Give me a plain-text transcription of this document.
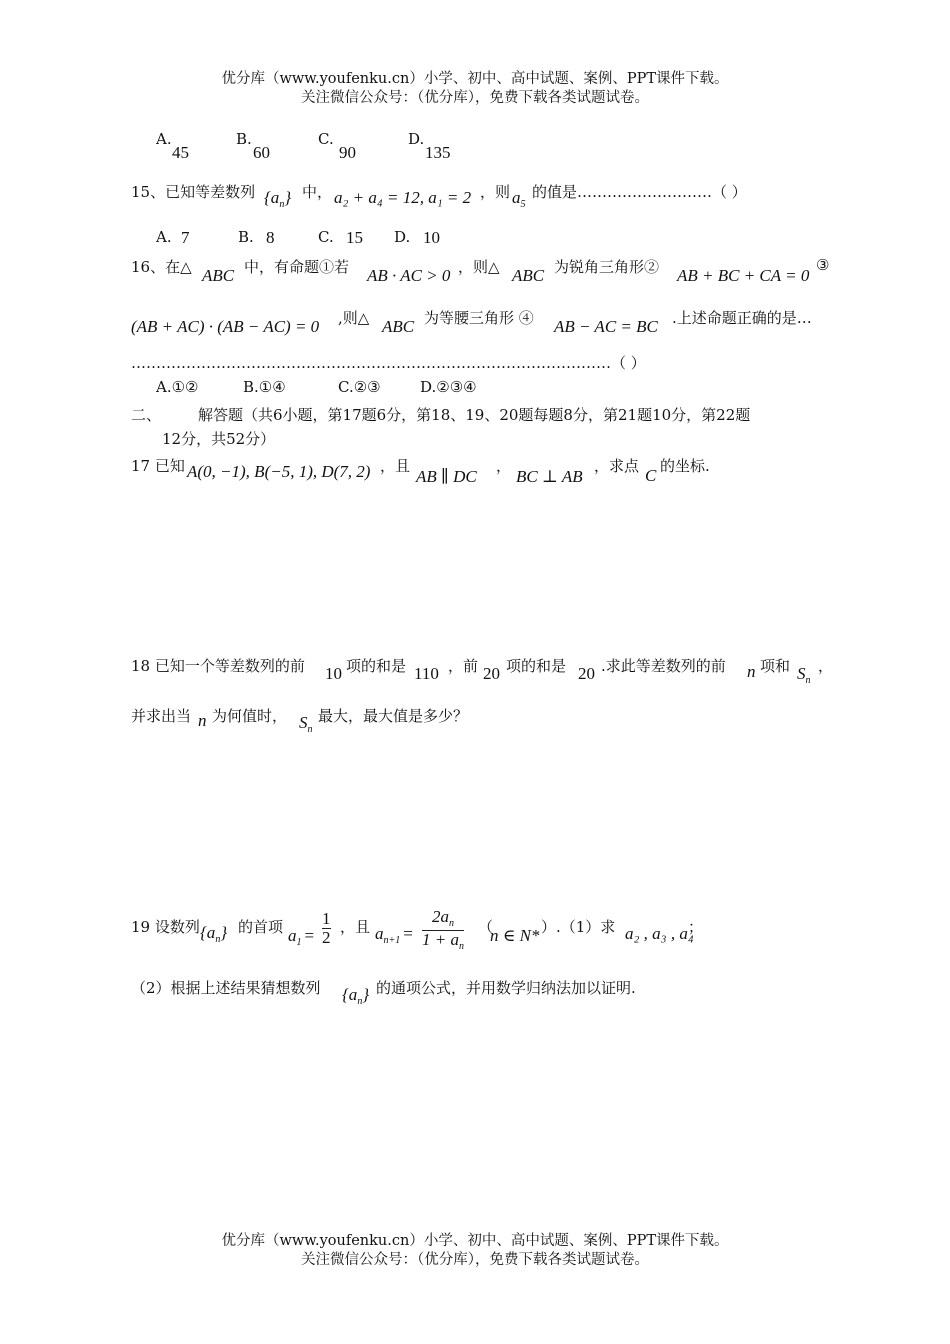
优分库（www.youfenku.cn）小学、初中、高中试题、案例、PPT课件下载。
关注微信公众号：（优分库），免费下载各类试题试卷。
A.
45
B.
60
C.
90
D.
135
15、已知等差数列 $\{a_n\}$ 中， a₂ + a₄ = 12, a₁ = 2 ，则 $a_5$
的值是………………………（ ）
A. 7	B. 8	C. 15 D. 10
16、在△ ABC 中，有命题①若 AB · AC > 0 ，则△ ABC 为锐角三角形② AB + BC + CA = 0
③
(AB + AC) · (AB − AC) = 0 ,则△ ABC 为等腰三角形 ④ AB − AC = BC .上述命题正确的是…
……………………………………………………………………………………（ ）
A.①②	B.①④	C.②③	D.②③④
二、 解答题（共6小题，第17题6分，第18、19、20题每题8分，第21题10分，第22题
12分，共52分）
17 已知 A(0, −1), B(−5, 1), D(7, 2) ，且
AB ∥ DC
，
BC ⊥ AB
，求点 C 的坐标.
18 已知一个等差数列的前 10 项的和是 110 ，前 20 项的和是 20 .求此等差数列的前 n 项和 $S_n$
，
并求出当 n 为何值时， $S_n$
最大，最大值是多少？
19 设数列 $\{a_n\}$ 的首项 $a_1 = \frac{1}{2}$ ，且 $a_{n+1} = \frac{2a_n}{1 + a_n}$ （
n ∈ N* ）.（1）求 a₂ , a₃ , a₄
；
（2）根据上述结果猜想数列 $\{a_n\}$ 的通项公式，并用数学归纳法加以证明.
优分库（www.youfenku.cn）小学、初中、高中试题、案例、PPT课件下载。
关注微信公众号：（优分库），免费下载各类试题试卷。
